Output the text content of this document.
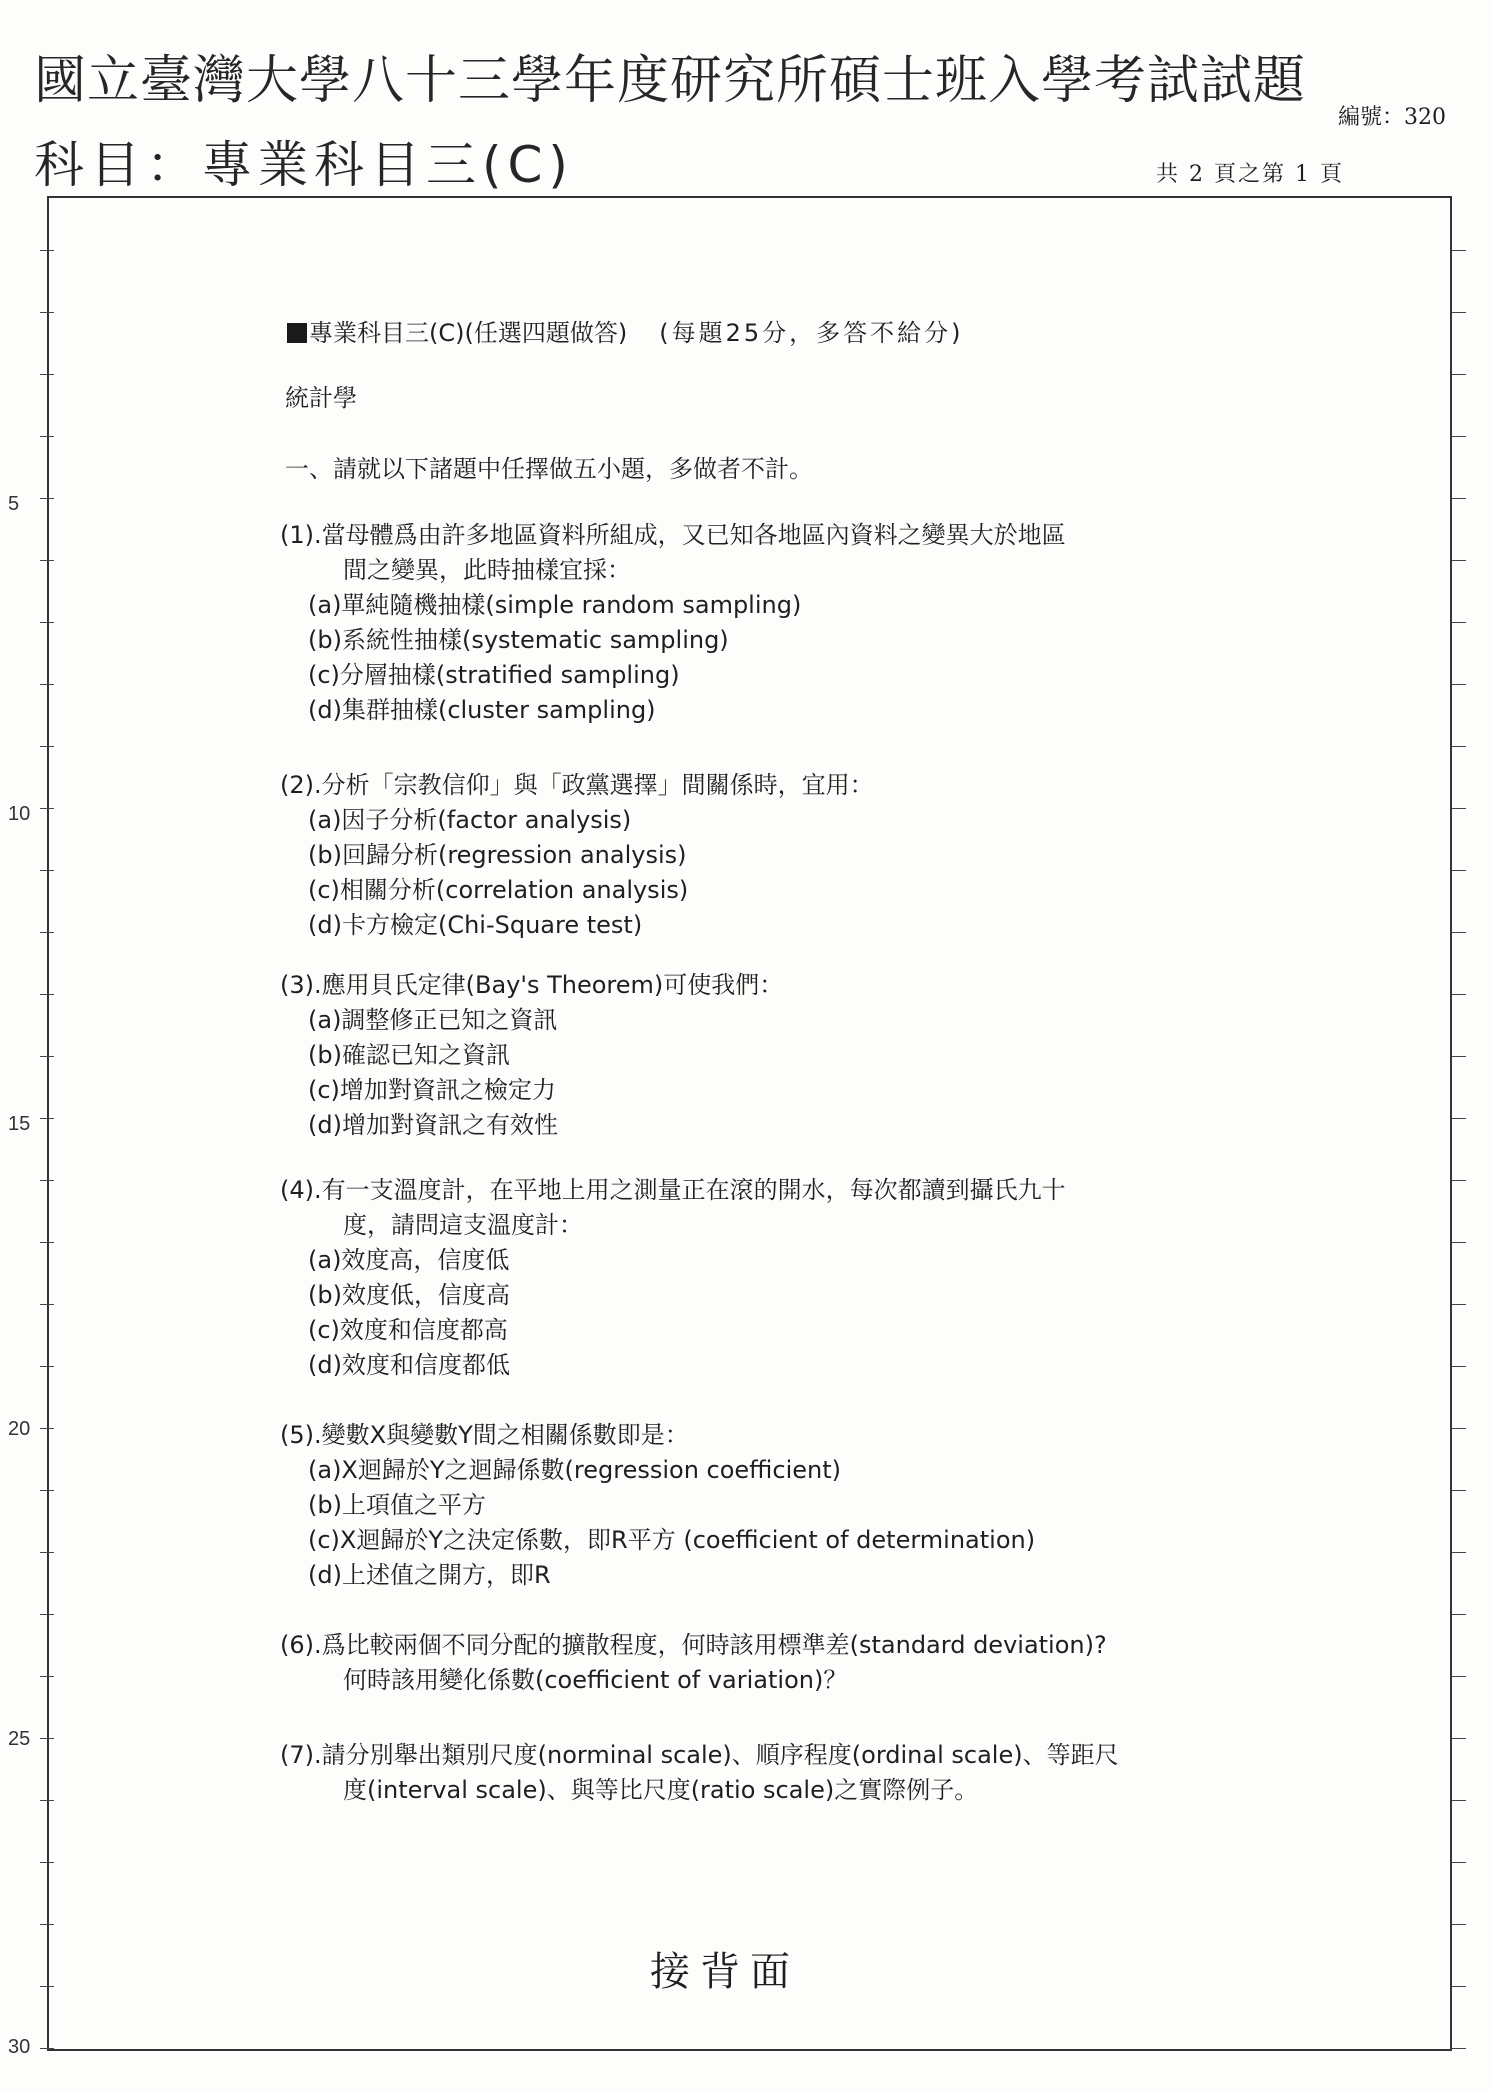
國立臺灣大學八十三學年度研究所碩士班入學考試試題
科目：專業科目三(C)
編號：320
共 2 頁之第 1 頁
5
10
15
20
25
30
專業科目三(C)(任選四題做答) (每題25分，多答不給分)
統計學
一、請就以下諸題中任擇做五小題，多做者不計。
(1).當母體爲由許多地區資料所組成，又已知各地區內資料之變異大於地區
間之變異，此時抽樣宜採：
(a)單純隨機抽樣(simple random sampling)
(b)系統性抽樣(systematic sampling)
(c)分層抽樣(stratified sampling)
(d)集群抽樣(cluster sampling)
(2).分析「宗教信仰」與「政黨選擇」間關係時，宜用：
(a)因子分析(factor analysis)
(b)回歸分析(regression analysis)
(c)相關分析(correlation analysis)
(d)卡方檢定(Chi-Square test)
(3).應用貝氏定律(Bay's Theorem)可使我們：
(a)調整修正已知之資訊
(b)確認已知之資訊
(c)增加對資訊之檢定力
(d)增加對資訊之有效性
(4).有一支溫度計，在平地上用之測量正在滾的開水，每次都讀到攝氏九十
度，請問這支溫度計：
(a)效度高，信度低
(b)效度低，信度高
(c)效度和信度都高
(d)效度和信度都低
(5).變數X與變數Y間之相關係數即是：
(a)X迴歸於Y之迴歸係數(regression coefficient)
(b)上項值之平方
(c)X迴歸於Y之決定係數，即R平方 (coefficient of determination)
(d)上述值之開方，即R
(6).爲比較兩個不同分配的擴散程度，何時該用標準差(standard deviation)?
何時該用變化係數(coefficient of variation)？
(7).請分別舉出類別尺度(norminal scale)、順序程度(ordinal scale)、等距尺
度(interval scale)、與等比尺度(ratio scale)之實際例子。
接背面
